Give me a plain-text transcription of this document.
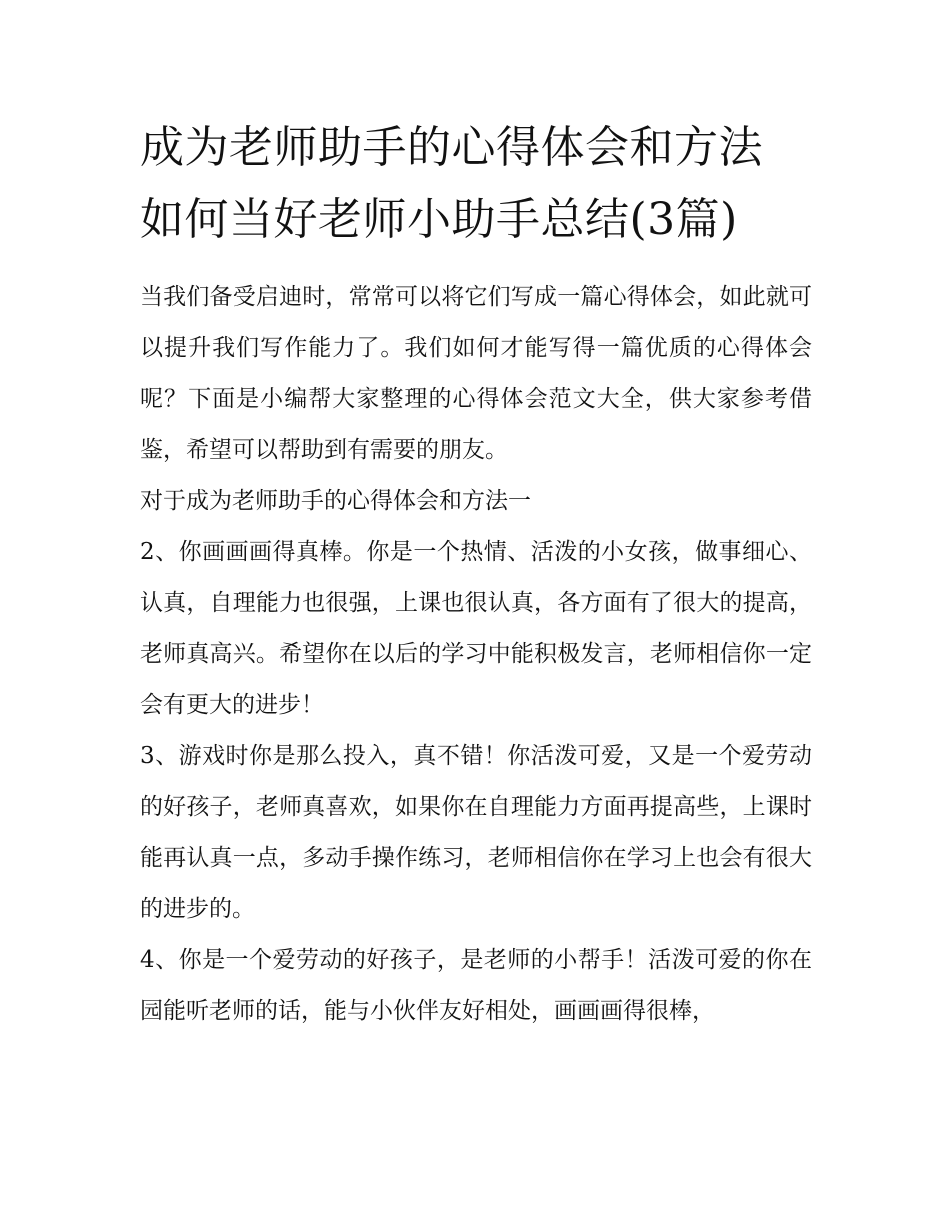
成为老师助手的心得体会和方法 如何当好老师小助手总结(3篇)

当我们备受启迪时，常常可以将它们写成一篇心得体会，如此就可以提升我们写作能力了。我们如何才能写得一篇优质的心得体会呢？下面是小编帮大家整理的心得体会范文大全，供大家参考借鉴，希望可以帮助到有需要的朋友。

对于成为老师助手的心得体会和方法一

2、你画画画得真棒。你是一个热情、活泼的小女孩，做事细心、认真，自理能力也很强，上课也很认真，各方面有了很大的提高，老师真高兴。希望你在以后的学习中能积极发言，老师相信你一定会有更大的进步！

3、游戏时你是那么投入，真不错！你活泼可爱，又是一个爱劳动的好孩子，老师真喜欢，如果你在自理能力方面再提高些，上课时能再认真一点，多动手操作练习，老师相信你在学习上也会有很大的进步的。

4、你是一个爱劳动的好孩子，是老师的小帮手！活泼可爱的你在园能听老师的话，能与小伙伴友好相处，画画画得很棒，
